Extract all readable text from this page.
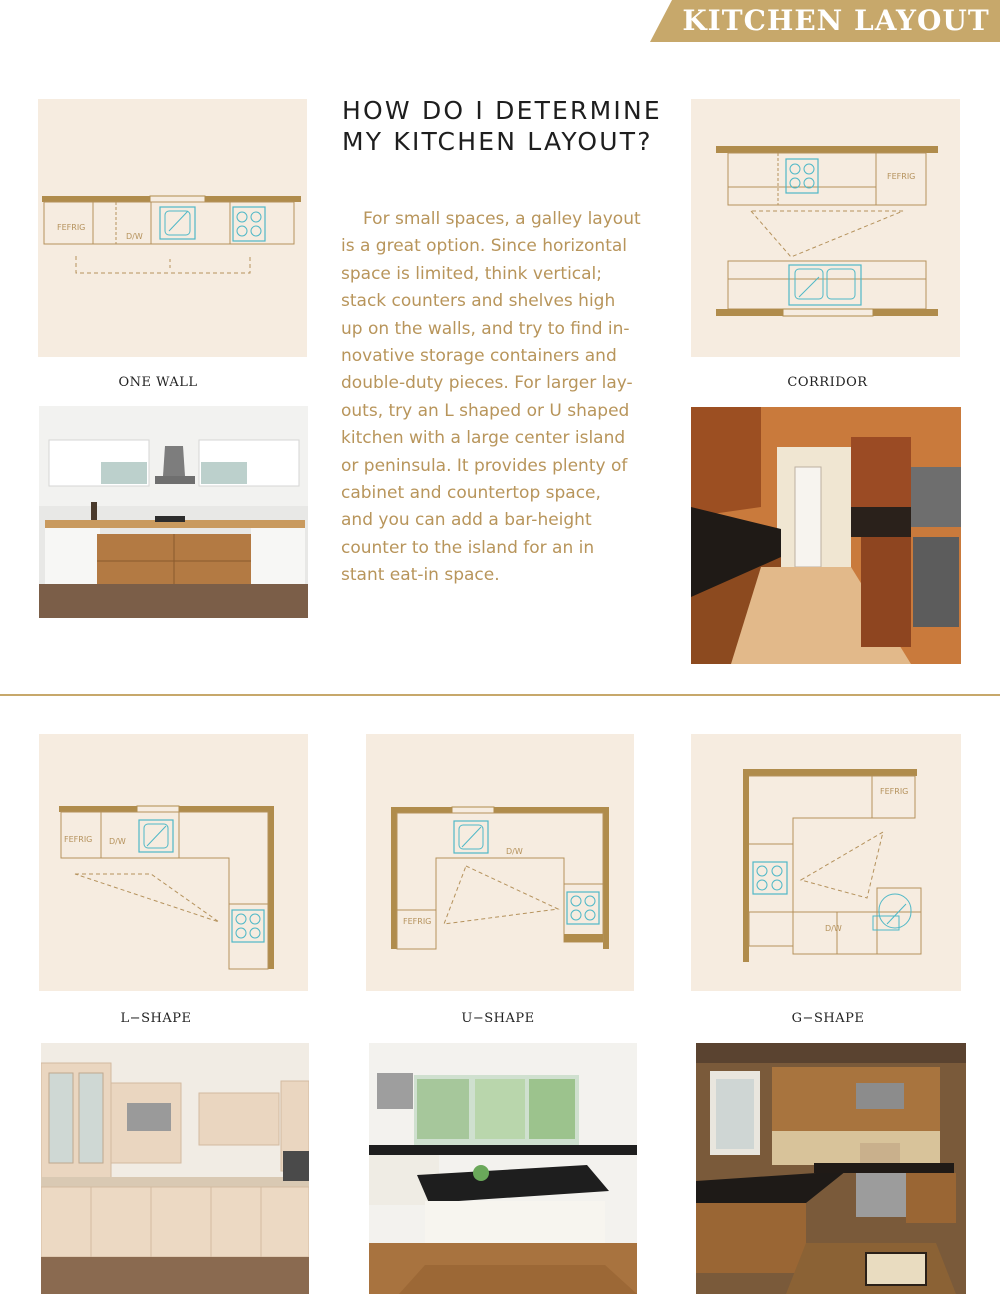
KITCHEN LAYOUT
FEFRIG
D/W
ONE WALL
HOW DO I DETERMINE
MY KITCHEN LAYOUT?
For small spaces, a galley layout
is a great option. Since horizontal
space is limited, think vertical;
stack counters and shelves high
up on the walls, and try to find in-
novative storage containers and
double-duty pieces. For larger lay-
outs, try an L shaped or U shaped
kitchen with a large center island
or peninsula. It provides plenty of
cabinet and countertop space,
and you can add a bar-height
counter to the island for an in
stant eat-in space.
FEFRIG
CORRIDOR
FEFRIG D/W
L−SHAPE
D/W
FEFRIG
U−SHAPE
FEFRIG
D/W
G−SHAPE
